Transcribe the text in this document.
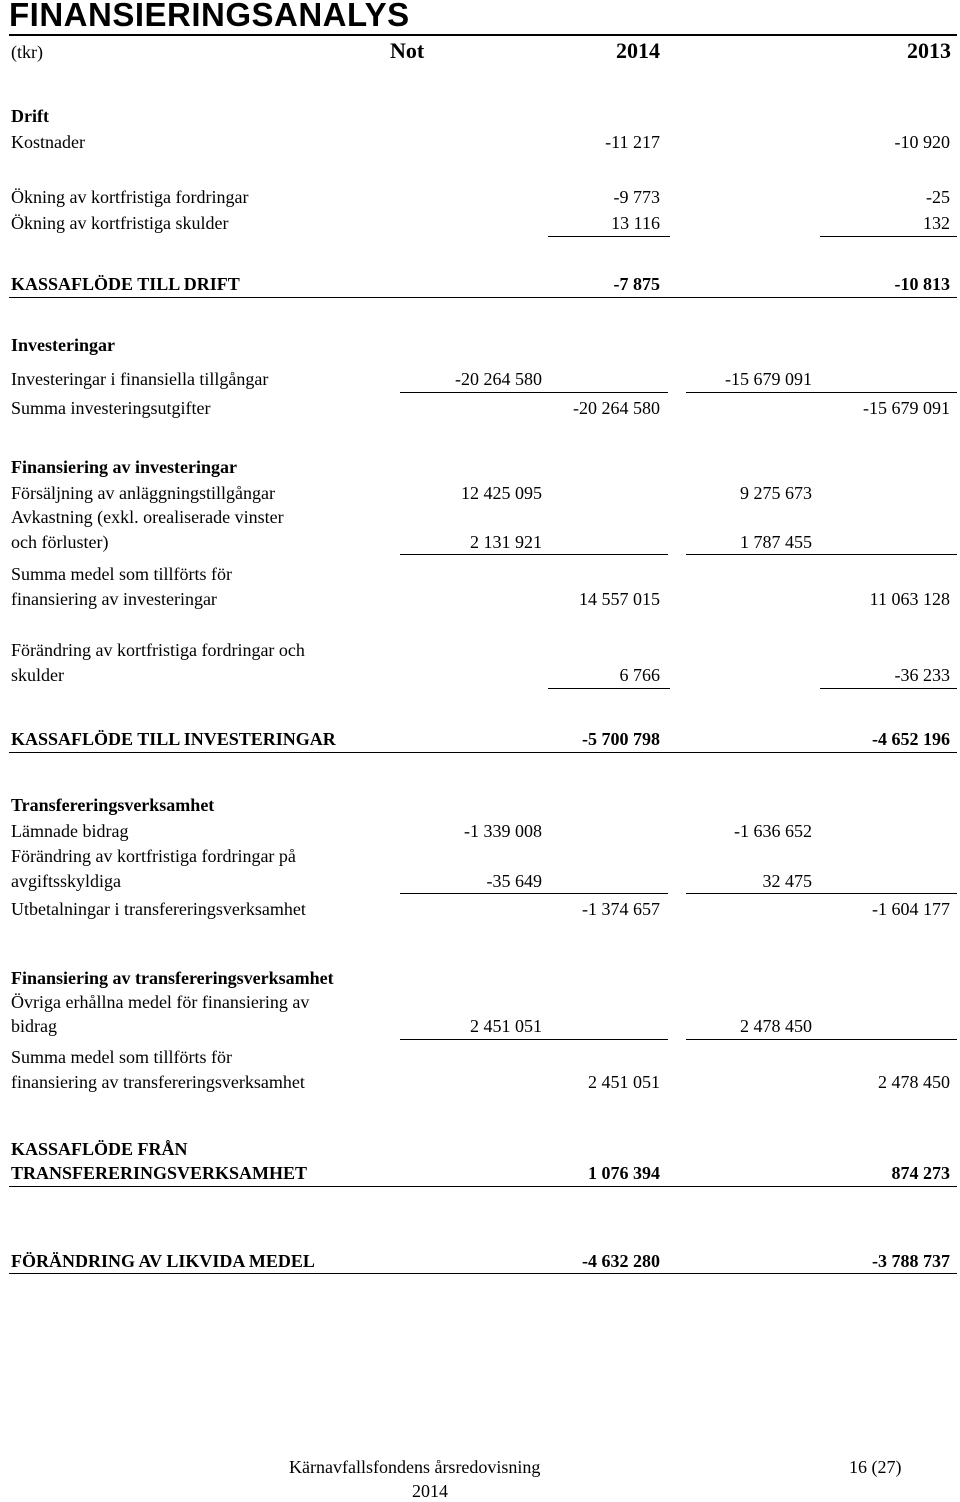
FINANSIERINGSANALYS
(tkr)	Not	2014	2013
Drift
Kostnader	-11 217	-10 920
Ökning av kortfristiga fordringar	-9 773	-25
Ökning av kortfristiga skulder	13 116	132
KASSAFLÖDE TILL DRIFT	-7 875	-10 813
Investeringar
Investeringar i finansiella tillgångar	-20 264 580	-15 679 091
Summa investeringsutgifter	-20 264 580	-15 679 091
Finansiering av investeringar
Försäljning av anläggningstillgångar	12 425 095	9 275 673
Avkastning (exkl. orealiserade vinster
och förluster)	2 131 921	1 787 455
Summa medel som tillförts för
finansiering av investeringar	14 557 015	11 063 128
Förändring av kortfristiga fordringar och
skulder	6 766	-36 233
KASSAFLÖDE TILL INVESTERINGAR	-5 700 798	-4 652 196
Transfereringsverksamhet
Lämnade bidrag	-1 339 008	-1 636 652
Förändring av kortfristiga fordringar på
avgiftsskyldiga	-35 649	32 475
Utbetalningar i transfereringsverksamhet	-1 374 657	-1 604 177
Finansiering av transfereringsverksamhet
Övriga erhållna medel för finansiering av
bidrag	2 451 051	2 478 450
Summa medel som tillförts för
finansiering av transfereringsverksamhet	2 451 051	2 478 450
KASSAFLÖDE FRÅN
TRANSFERERINGSVERKSAMHET	1 076 394	874 273
FÖRÄNDRING AV LIKVIDA MEDEL	-4 632 280	-3 788 737
Kärnavfallsfondens årsredovisning
2014
16 (27)
